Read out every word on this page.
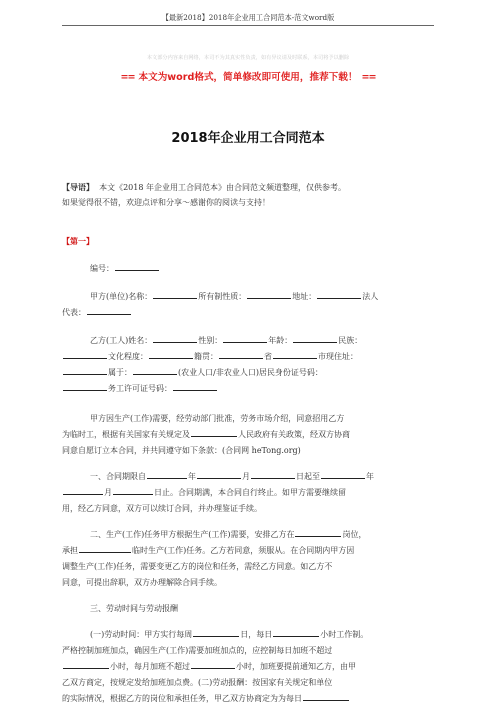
【最新2018】2018年企业用工合同范本-范文word版
本文部分内容来自网络，本司不为其真实性负责，如有异议请及时联系，本司将予以删除
== 本文为word格式，简单修改即可使用，推荐下载！ ==
2018年企业用工合同范本
【导语】 本文《2018 年企业用工合同范本》由合同范文频道整理，仅供参考。
如果觉得很不错，欢迎点评和分享～感谢你的阅读与支持！
【第一】
编号：
甲方(单位)名称：	所有制性质：	地址：	法人
代表：
乙方(工人)姓名：	性别：	年龄：	民族：
文化程度：	籍贯：	省	市现住址：
属于：	(农业人口/非农业人口)居民身份证号码：
务工许可证号码：
甲方因生产(工作)需要，经劳动部门批准，劳务市场介绍，同意招用乙方
为临时工，根据有关国家有关规定及	人民政府有关政策，经双方协商
同意自愿订立本合同，并共同遵守如下条款：(合同网 heTong.org)
一、合同期限自	年	月	日起至	年
月	日止。合同期满，本合同自行终止。如甲方需要继续留
用，经乙方同意，双方可以续订合同，并办理鉴证手续。
二、生产(工作)任务甲方根据生产(工作)需要，安排乙方在	岗位，
承担	临时生产(工作)任务。乙方若同意，须服从。在合同期内甲方因
调整生产(工作)任务，需要变更乙方的岗位和任务，需经乙方同意。如乙方不
同意，可提出辞职，双方办理解除合同手续。
三、劳动时间与劳动报酬
(一)劳动时间：甲方实行每周	日，每日	小时工作制。
严格控制加班加点，确因生产(工作)需要加班加点的，应控制每日加班不超过
小时，每月加班不超过	小时，加班要提前通知乙方，由甲
乙双方商定，按规定发给加班加点费。(二)劳动报酬：按国家有关规定和单位
的实际情况，根据乙方的岗位和承担任务，甲乙双方协商定为为每日
